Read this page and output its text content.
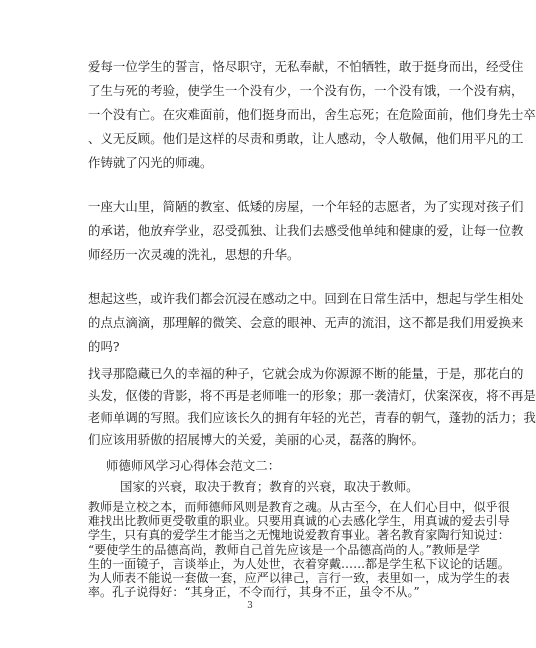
爱每一位学生的誓言，恪尽职守，无私奉献，不怕牺牲，敢于挺身而出，经受住
了生与死的考验，使学生一个没有少，一个没有伤，一个没有饿，一个没有病，
一个没有亡。在灾难面前，他们挺身而出，舍生忘死；在危险面前，他们身先士卒
、义无反顾。他们是这样的尽责和勇敢，让人感动，令人敬佩，他们用平凡的工
作铸就了闪光的师魂。
一座大山里，简陋的教室、低矮的房屋，一个年轻的志愿者，为了实现对孩子们
的承诺，他放弃学业，忍受孤独、让我们去感受他单纯和健康的爱，让每一位教
师经历一次灵魂的洗礼，思想的升华。
想起这些，或许我们都会沉浸在感动之中。回到在日常生活中，想起与学生相处
的点点滴滴，那理解的微笑、会意的眼神、无声的流泪，这不都是我们用爱换来
的吗?
找寻那隐藏已久的幸福的种子，它就会成为你源源不断的能量，于是，那花白的
头发，伛偻的背影，将不再是老师唯一的形象；那一袭清灯，伏案深夜，将不再是
老师单调的写照。我们应该长久的拥有年轻的光芒，青春的朝气，蓬勃的活力；我
们应该用骄傲的招展博大的关爱，美丽的心灵，磊落的胸怀。
师德师风学习心得体会范文二：
国家的兴衰，取决于教育；教育的兴衰，取决于教师。
教师是立校之本，而师德师风则是教育之魂。从古至今，在人们心目中，似乎很
难找出比教师更受敬重的职业。只要用真诚的心去感化学生，用真诚的爱去引导
学生，只有真的爱学生才能当之无愧地说爱教育事业。著名教育家陶行知说过：
“要使学生的品德高尚，教师自己首先应该是一个品德高尚的人。”教师是学
生的一面镜子，言谈举止，为人处世，衣着穿戴……都是学生私下议论的话题。
为人师表不能说一套做一套，应严以律己，言行一致，表里如一，成为学生的表
率。孔子说得好：“其身正，不令而行，其身不正，虽令不从。”
3
